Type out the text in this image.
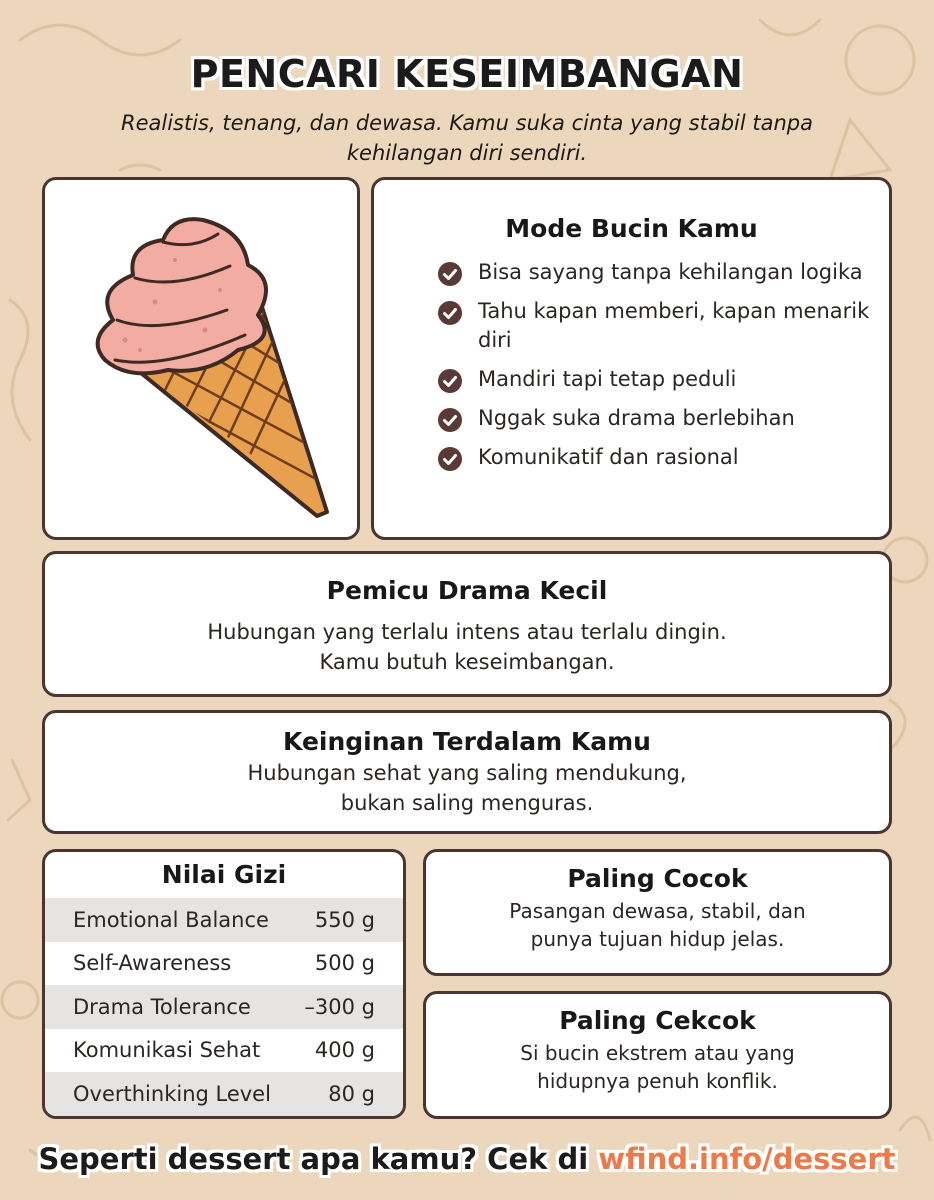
PENCARI KESEIMBANGAN

Realistis, tenang, dan dewasa. Kamu suka cinta yang stabil tanpa kehilangan diri sendiri.

Mode Bucin Kamu
Bisa sayang tanpa kehilangan logika
Tahu kapan memberi, kapan menarik diri
Mandiri tapi tetap peduli
Nggak suka drama berlebihan
Komunikatif dan rasional
Pemicu Drama Kecil

Hubungan yang terlalu intens atau terlalu dingin.
Kamu butuh keseimbangan.

Keinginan Terdalam Kamu

Hubungan sehat yang saling mendukung,
bukan saling menguras.

Nilai Gizi
Emotional Balance 550 g
Self-Awareness	500 g
Drama Tolerance	–300 g
Komunikasi Sehat	400 g
Overthinking Level	80 g
Paling Cocok

Pasangan dewasa, stabil, dan
punya tujuan hidup jelas.

Paling Cekcok

Si bucin ekstrem atau yang
hidupnya penuh konflik.

Seperti dessert apa kamu? Cek di wfind.info/dessert
